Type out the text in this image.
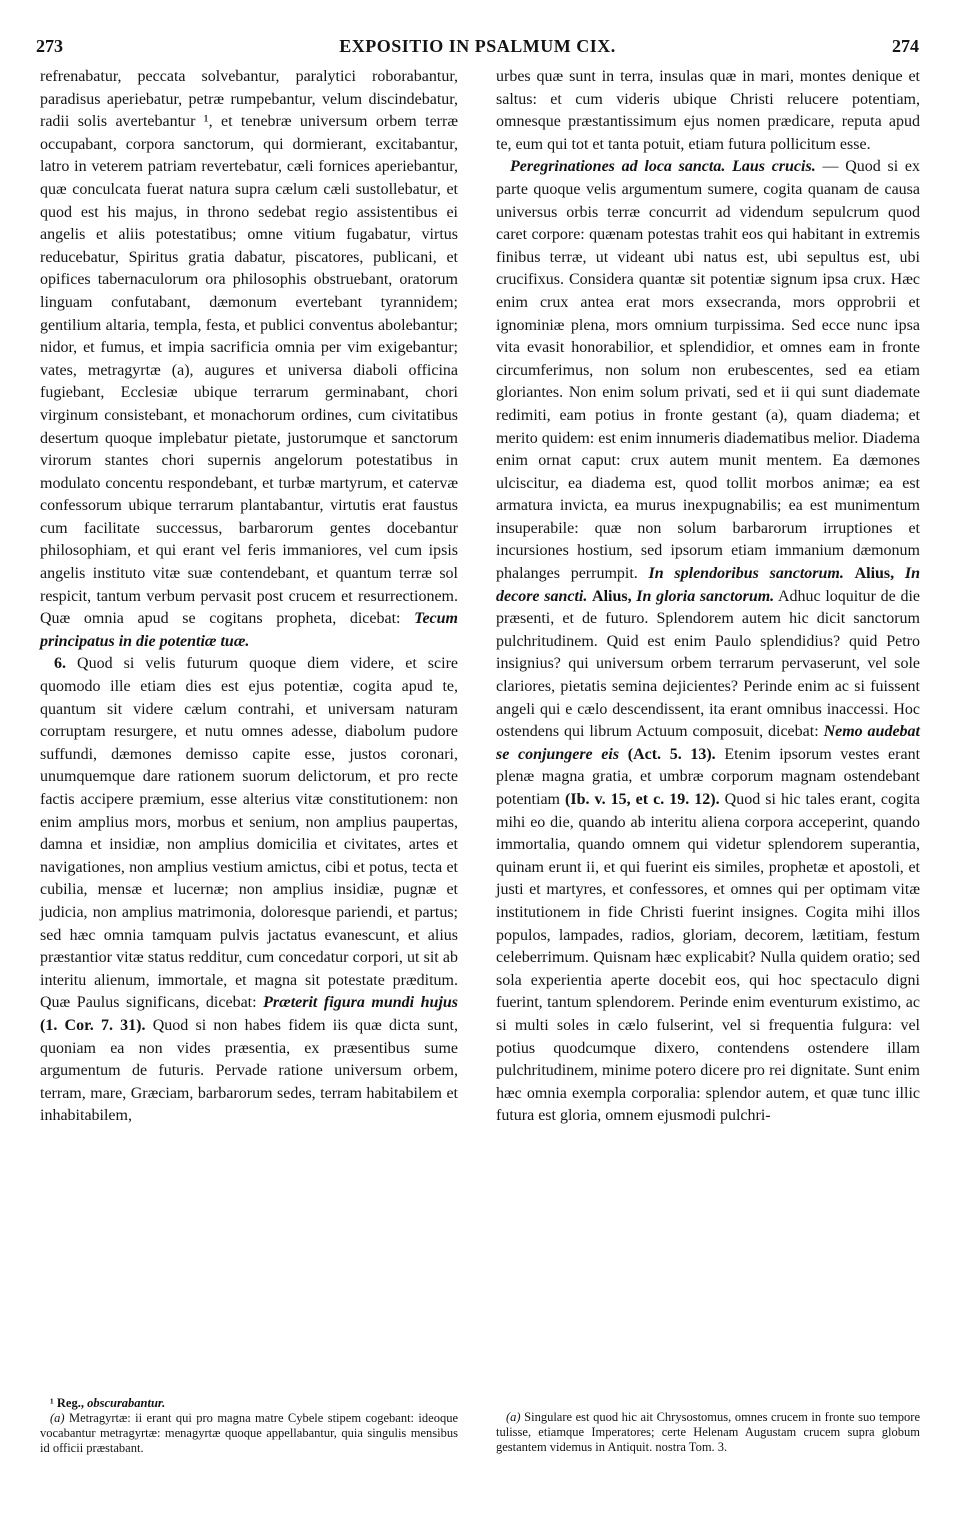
273	EXPOSITIO IN PSALMUM CIX.	274

refrenabatur, peccata solvebantur, paralytici roborabantur, paradisus aperiebatur, petræ rumpebantur, velum discindebatur, radii solis avertebantur ¹, et tenebræ universum orbem terræ occupabant, corpora sanctorum, qui dormierant, excitabantur, latro in veterem patriam revertebatur, cæli fornices aperiebantur, quæ conculcata fuerat natura supra cælum cæli sustollebatur, et quod est his majus, in throno sedebat regio assistentibus ei angelis et aliis potestatibus; omne vitium fugabatur, virtus reducebatur, Spiritus gratia dabatur, piscatores, publicani, et opifices tabernaculorum ora philosophis obstruebant, oratorum linguam confutabant, dæmonum evertebant tyrannidem; gentilium altaria, templa, festa, et publici conventus abolebantur; nidor, et fumus, et impia sacrificia omnia per vim exigebantur; vates, metragyrtæ (a), augures et universa diaboli officina fugiebant, Ecclesiæ ubique terrarum germinabant, chori virginum consistebant, et monachorum ordines, cum civitatibus desertum quoque implebatur pietate, justorumque et sanctorum virorum stantes chori supernis angelorum potestatibus in modulato concentu respondebant, et turbæ martyrum, et catervæ confessorum ubique terrarum plantabantur, virtutis erat faustus cum facilitate successus, barbarorum gentes docebantur philosophiam, et qui erant vel feris immaniores, vel cum ipsis angelis instituto vitæ suæ contendebant, et quantum terræ sol respicit, tantum verbum pervasit post crucem et resurrectionem. Quæ omnia apud se cogitans propheta, dicebat: Tecum principatus in die potentiæ tuæ.

6. Quod si velis futurum quoque diem videre, et scire quomodo ille etiam dies est ejus potentiæ, cogita apud te, quantum sit videre cælum contrahi, et universam naturam corruptam resurgere, et nutu omnes adesse, diabolum pudore suffundi, dæmones demisso capite esse, justos coronari, unumquemque dare rationem suorum delictorum, et pro recte factis accipere præmium, esse alterius vitæ constitutionem: non enim amplius mors, morbus et senium, non amplius paupertas, damna et insidiæ, non amplius domicilia et civitates, artes et navigationes, non amplius vestium amictus, cibi et potus, tecta et cubilia, mensæ et lucernæ; non amplius insidiæ, pugnæ et judicia, non amplius matrimonia, doloresque pariendi, et partus; sed hæc omnia tamquam pulvis jactatus evanescunt, et alius præstantior vitæ status redditur, cum concedatur corpori, ut sit ab interitu alienum, immortale, et magna sit potestate præditum. Quæ Paulus significans, dicebat: Præterit figura mundi hujus (1. Cor. 7. 31). Quod si non habes fidem iis quæ dicta sunt, quoniam ea non vides præsentia, ex præsentibus sume argumentum de futuris. Pervade ratione universum orbem, terram, mare, Græciam, barbarorum sedes, terram habitabilem et inhabitabilem,

urbes quæ sunt in terra, insulas quæ in mari, montes denique et saltus: et cum videris ubique Christi relucere potentiam, omnesque præstantissimum ejus nomen prædicare, reputa apud te, eum qui tot et tanta potuit, etiam futura pollicitum esse.

Peregrinationes ad loca sancta. Laus crucis. — Quod si ex parte quoque velis argumentum sumere, cogita quanam de causa universus orbis terræ concurrit ad videndum sepulcrum quod caret corpore: quænam potestas trahit eos qui habitant in extremis finibus terræ, ut videant ubi natus est, ubi sepultus est, ubi crucifixus. Considera quantæ sit potentiæ signum ipsa crux. Hæc enim crux antea erat mors exsecranda, mors opprobrii et ignominiæ plena, mors omnium turpissima. Sed ecce nunc ipsa vita evasit honorabilior, et splendidior, et omnes eam in fronte circumferimus, non solum non erubescentes, sed ea etiam gloriantes. Non enim solum privati, sed et ii qui sunt diademate redimiti, eam potius in fronte gestant (a), quam diadema; et merito quidem: est enim innumeris diadematibus melior. Diadema enim ornat caput: crux autem munit mentem. Ea dæmones ulciscitur, ea diadema est, quod tollit morbos animæ; ea est armatura invicta, ea murus inexpugnabilis; ea est munimentum insuperabile: quæ non solum barbarorum irruptiones et incursiones hostium, sed ipsorum etiam immanium dæmonum phalanges perrumpit. In splendoribus sanctorum. Alius, In decore sancti. Alius, In gloria sanctorum. Adhuc loquitur de die præsenti, et de futuro. Splendorem autem hic dicit sanctorum pulchritudinem. Quid est enim Paulo splendidius? quid Petro insignius? qui universum orbem terrarum pervaserunt, vel sole clariores, pietatis semina dejicientes? Perinde enim ac si fuissent angeli qui e cælo descendissent, ita erant omnibus inaccessi. Hoc ostendens qui librum Actuum composuit, dicebat: Nemo audebat se conjungere eis (Act. 5. 13). Etenim ipsorum vestes erant plenæ magna gratia, et umbræ corporum magnam ostendebant potentiam (Ib. v. 15, et c. 19. 12). Quod si hic tales erant, cogita mihi eo die, quando ab interitu aliena corpora acceperint, quando immortalia, quando omnem qui videtur splendorem superantia, quinam erunt ii, et qui fuerint eis similes, prophetæ et apostoli, et justi et martyres, et confessores, et omnes qui per optimam vitæ institutionem in fide Christi fuerint insignes. Cogita mihi illos populos, lampades, radios, gloriam, decorem, lætitiam, festum celeberrimum. Quisnam hæc explicabit? Nulla quidem oratio; sed sola experientia aperte docebit eos, qui hoc spectaculo digni fuerint, tantum splendorem. Perinde enim eventurum existimo, ac si multi soles in cælo fulserint, vel si frequentia fulgura: vel potius quodcumque dixero, contendens ostendere illam pulchritudinem, minime potero dicere pro rei dignitate. Sunt enim hæc omnia exempla corporalia: splendor autem, et quæ tunc illic futura est gloria, omnem ejusmodi pulchri-

¹ Reg., obscurabantur.

(a) Metragyrtæ: ii erant qui pro magna matre Cybele stipem cogebant: ideoque vocabantur metragyrtæ: menagyrtæ quoque appellabantur, quia singulis mensibus id officii præstabant.

(a) Singulare est quod hic ait Chrysostomus, omnes crucem in fronte suo tempore tulisse, etiamque Imperatores; certe Helenam Augustam crucem supra globum gestantem videmus in Antiquit. nostra Tom. 3.
